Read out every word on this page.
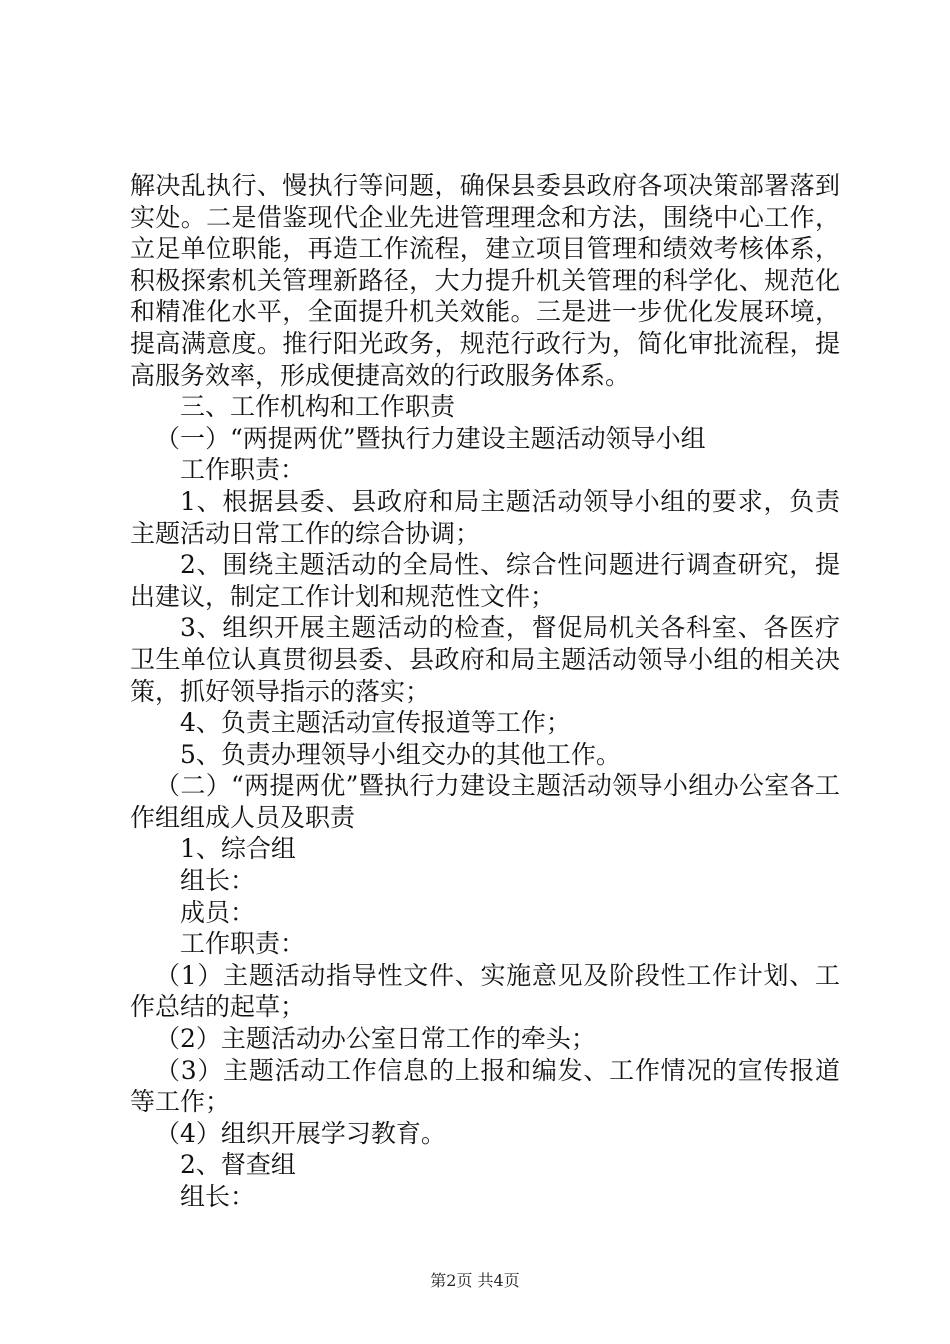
解决乱执行、慢执行等问题，确保县委县政府各项决策部署落到实处。二是借鉴现代企业先进管理理念和方法，围绕中心工作，立足单位职能，再造工作流程，建立项目管理和绩效考核体系，积极探索机关管理新路径，大力提升机关管理的科学化、规范化和精准化水平，全面提升机关效能。三是进一步优化发展环境，提高满意度。推行阳光政务，规范行政行为，简化审批流程，提高服务效率，形成便捷高效的行政服务体系。

三、工作机构和工作职责

（一）“两提两优”暨执行力建设主题活动领导小组

工作职责：

1、根据县委、县政府和局主题活动领导小组的要求，负责主题活动日常工作的综合协调；

2、围绕主题活动的全局性、综合性问题进行调查研究，提出建议，制定工作计划和规范性文件；

3、组织开展主题活动的检查，督促局机关各科室、各医疗卫生单位认真贯彻县委、县政府和局主题活动领导小组的相关决策，抓好领导指示的落实；

4、负责主题活动宣传报道等工作；

5、负责办理领导小组交办的其他工作。

（二）“两提两优”暨执行力建设主题活动领导小组办公室各工作组组成人员及职责

1、综合组

组长：

成员：

工作职责：

（1）主题活动指导性文件、实施意见及阶段性工作计划、工作总结的起草；

（2）主题活动办公室日常工作的牵头；

（3）主题活动工作信息的上报和编发、工作情况的宣传报道等工作；

（4）组织开展学习教育。

2、督查组

组长：

第2页 共4页
